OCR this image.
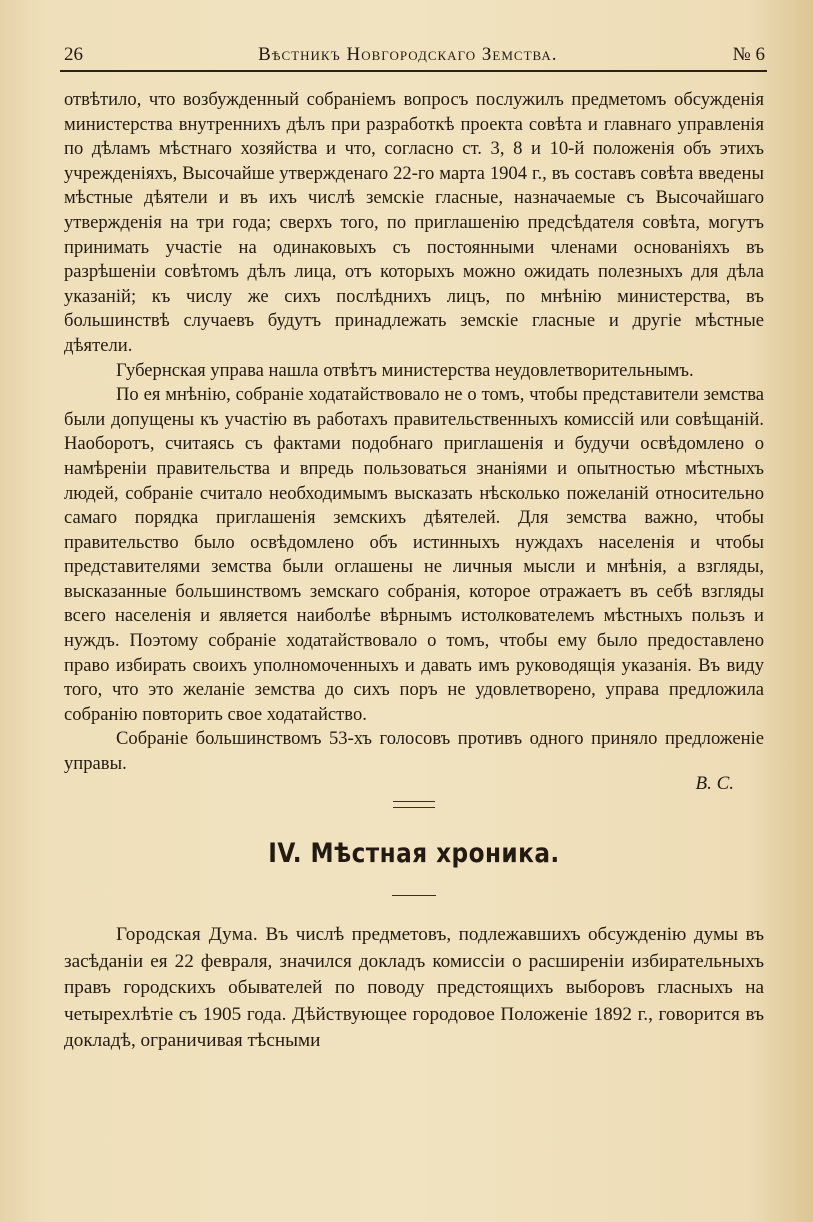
26	Вѣстникъ Новгородскаго Земства.	№ 6

отвѣтило, что возбужденный собраніемъ вопросъ послужилъ предметомъ обсужденія министерства внутреннихъ дѣлъ при разработкѣ проекта совѣта и главнаго управленія по дѣламъ мѣстнаго хозяйства и что, согласно ст. 3, 8 и 10-й положенія объ этихъ учрежденіяхъ, Высочайше утвержденаго 22-го марта 1904 г., въ составъ совѣта введены мѣстные дѣятели и въ ихъ числѣ земскіе гласные, назначаемые съ Высочайшаго утвержденія на три года; сверхъ того, по приглашенію предсѣдателя совѣта, могутъ принимать участіе на одинаковыхъ съ постоянными членами основаніяхъ въ разрѣшеніи совѣтомъ дѣлъ лица, отъ которыхъ можно ожидать полезныхъ для дѣла указаній; къ числу же сихъ послѣднихъ лицъ, по мнѣнію министерства, въ большинствѣ случаевъ будутъ принадлежать земскіе гласные и другіе мѣстные дѣятели.

Губернская управа нашла отвѣтъ министерства неудовлетворительнымъ.

По ея мнѣнію, собраніе ходатайствовало не о томъ, чтобы представители земства были допущены къ участію въ работахъ правительственныхъ комиссій или совѣщаній. Наоборотъ, считаясь съ фактами подобнаго приглашенія и будучи освѣдомлено о намѣреніи правительства и впредь пользоваться знаніями и опытностью мѣстныхъ людей, собраніе считало необходимымъ высказать нѣсколько пожеланій относительно самаго порядка приглашенія земскихъ дѣятелей. Для земства важно, чтобы правительство было освѣдомлено объ истинныхъ нуждахъ населенія и чтобы представителями земства были оглашены не личныя мысли и мнѣнія, а взгляды, высказанные большинствомъ земскаго собранія, которое отражаетъ въ себѣ взгляды всего населенія и является наиболѣе вѣрнымъ истолкователемъ мѣстныхъ пользъ и нуждъ. Поэтому собраніе ходатайствовало о томъ, чтобы ему было предоставлено право избирать своихъ уполномоченныхъ и давать имъ руководящія указанія. Въ виду того, что это желаніе земства до сихъ поръ не удовлетворено, управа предложила собранію повторить свое ходатайство.

Собраніе большинствомъ 53-хъ голосовъ противъ одного приняло предложеніе управы.

В. С.
IV. Мѣстная хроника.

Городская Дума. Въ числѣ предметовъ, подлежавшихъ обсужденію думы въ засѣданіи ея 22 февраля, значился докладъ комиссіи о расширеніи избирательныхъ правъ городскихъ обывателей по поводу предстоящихъ выборовъ гласныхъ на четырехлѣтіе съ 1905 года. Дѣйствующее городовое Положеніе 1892 г., говорится въ докладѣ, ограничивая тѣсными
